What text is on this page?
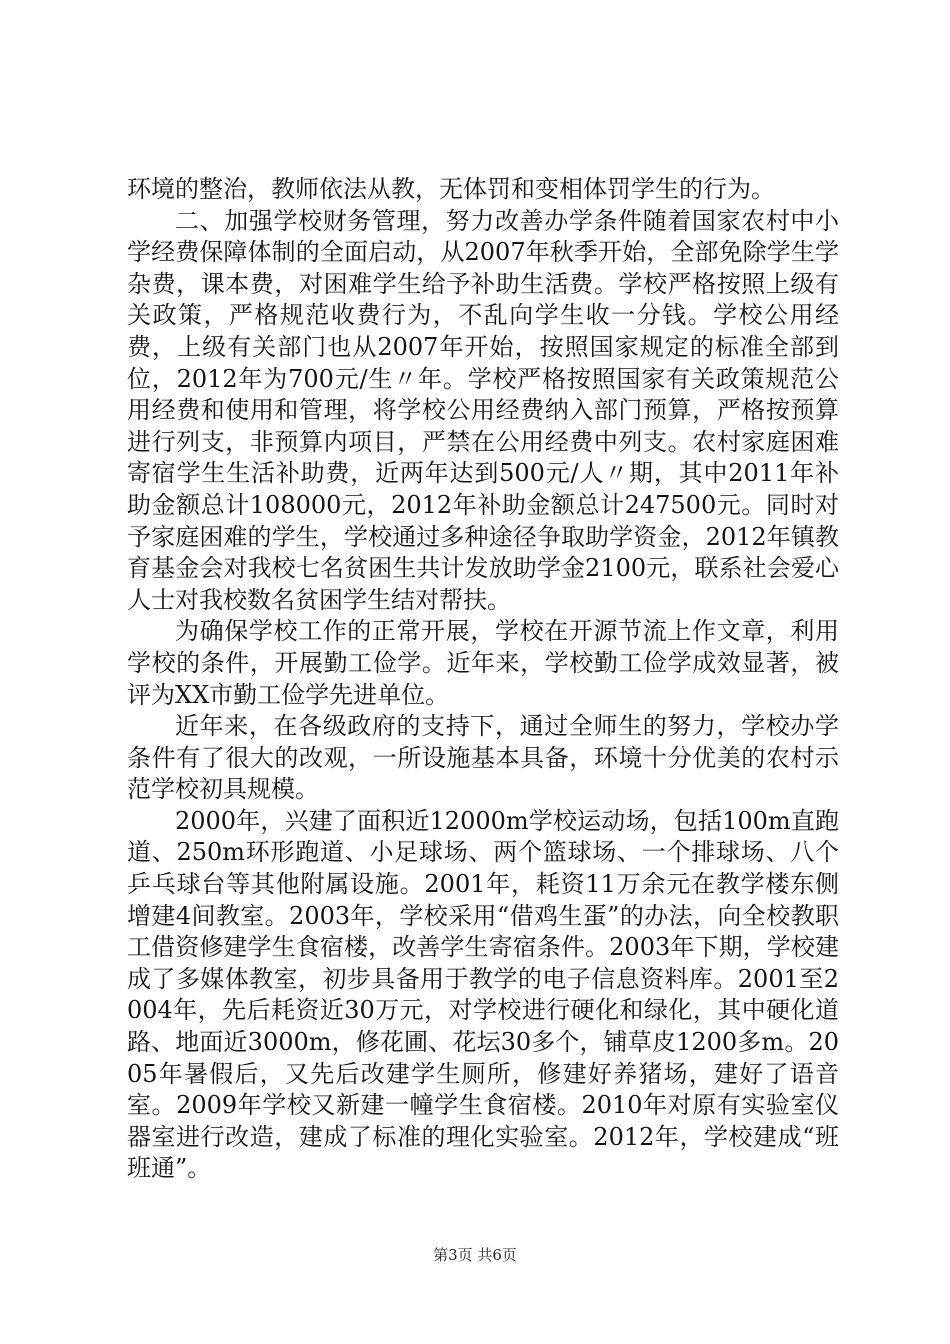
环境的整治，教师依法从教，无体罚和变相体罚学生的行为。

二、加强学校财务管理，努力改善办学条件随着国家农村中小学经费保障体制的全面启动，从2007年秋季开始，全部免除学生学杂费，课本费，对困难学生给予补助生活费。学校严格按照上级有关政策，严格规范收费行为，不乱向学生收一分钱。学校公用经费，上级有关部门也从2007年开始，按照国家规定的标准全部到位，2012年为700元/生〃年。学校严格按照国家有关政策规范公用经费和使用和管理，将学校公用经费纳入部门预算，严格按预算进行列支，非预算内项目，严禁在公用经费中列支。农村家庭困难寄宿学生生活补助费，近两年达到500元/人〃期，其中2011年补助金额总计108000元，2012年补助金额总计247500元。同时对予家庭困难的学生，学校通过多种途径争取助学资金，2012年镇教育基金会对我校七名贫困生共计发放助学金2100元，联系社会爱心人士对我校数名贫困学生结对帮扶。

为确保学校工作的正常开展，学校在开源节流上作文章，利用学校的条件，开展勤工俭学。近年来，学校勤工俭学成效显著，被评为XX市勤工俭学先进单位。

近年来，在各级政府的支持下，通过全师生的努力，学校办学条件有了很大的改观，一所设施基本具备，环境十分优美的农村示范学校初具规模。

2000年，兴建了面积近12000m学校运动场，包括100m直跑道、250m环形跑道、小足球场、两个篮球场、一个排球场、八个乒乓球台等其他附属设施。2001年，耗资11万余元在教学楼东侧增建4间教室。2003年，学校采用“借鸡生蛋”的办法，向全校教职工借资修建学生食宿楼，改善学生寄宿条件。2003年下期，学校建成了多媒体教室，初步具备用于教学的电子信息资料库。2001至2004年，先后耗资近30万元，对学校进行硬化和绿化，其中硬化道路、地面近3000m，修花圃、花坛30多个，铺草皮1200多m。2005年暑假后，又先后改建学生厕所，修建好养猪场，建好了语音室。2009年学校又新建一幢学生食宿楼。2010年对原有实验室仪器室进行改造，建成了标准的理化实验室。2012年，学校建成“班班通”。

第3页 共6页
